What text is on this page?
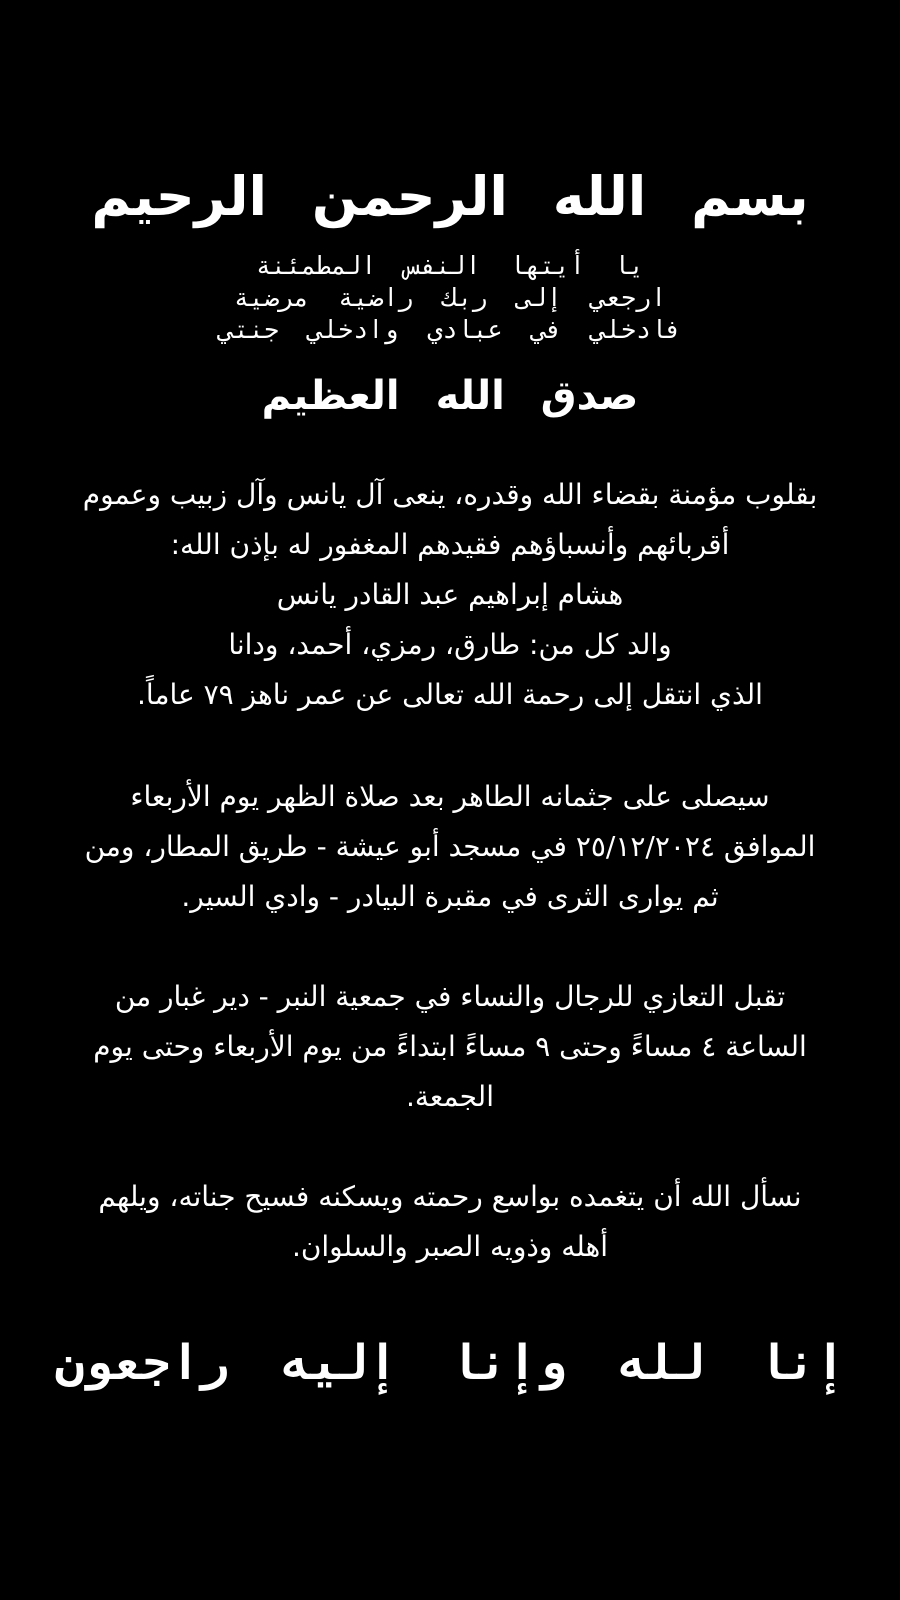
بسم الله الرحمن الرحيم
يا أيتها النفس المطمئنة
ارجعي إلى ربك راضية مرضية
فادخلي في عبادي وادخلي جنتي
صدق الله العظيم
بقلوب مؤمنة بقضاء الله وقدره، ينعى آل يانس وآل زبيب وعموم
أقربائهم وأنسباؤهم فقيدهم المغفور له بإذن الله:
هشام إبراهيم عبد القادر يانس
والد كل من: طارق، رمزي، أحمد، ودانا
الذي انتقل إلى رحمة الله تعالى عن عمر ناهز ٧٩ عاماً.
سيصلى على جثمانه الطاهر بعد صلاة الظهر يوم الأربعاء
الموافق ٢٥/١٢/٢٠٢٤ في مسجد أبو عيشة - طريق المطار، ومن
ثم يوارى الثرى في مقبرة البيادر - وادي السير.
تقبل التعازي للرجال والنساء في جمعية النبر - دير غبار من
الساعة ٤ مساءً وحتى ٩ مساءً ابتداءً من يوم الأربعاء وحتى يوم
الجمعة.
نسأل الله أن يتغمده بواسع رحمته ويسكنه فسيح جناته، ويلهم
أهله وذويه الصبر والسلوان.
إنا لله وإنا إليه راجعون
